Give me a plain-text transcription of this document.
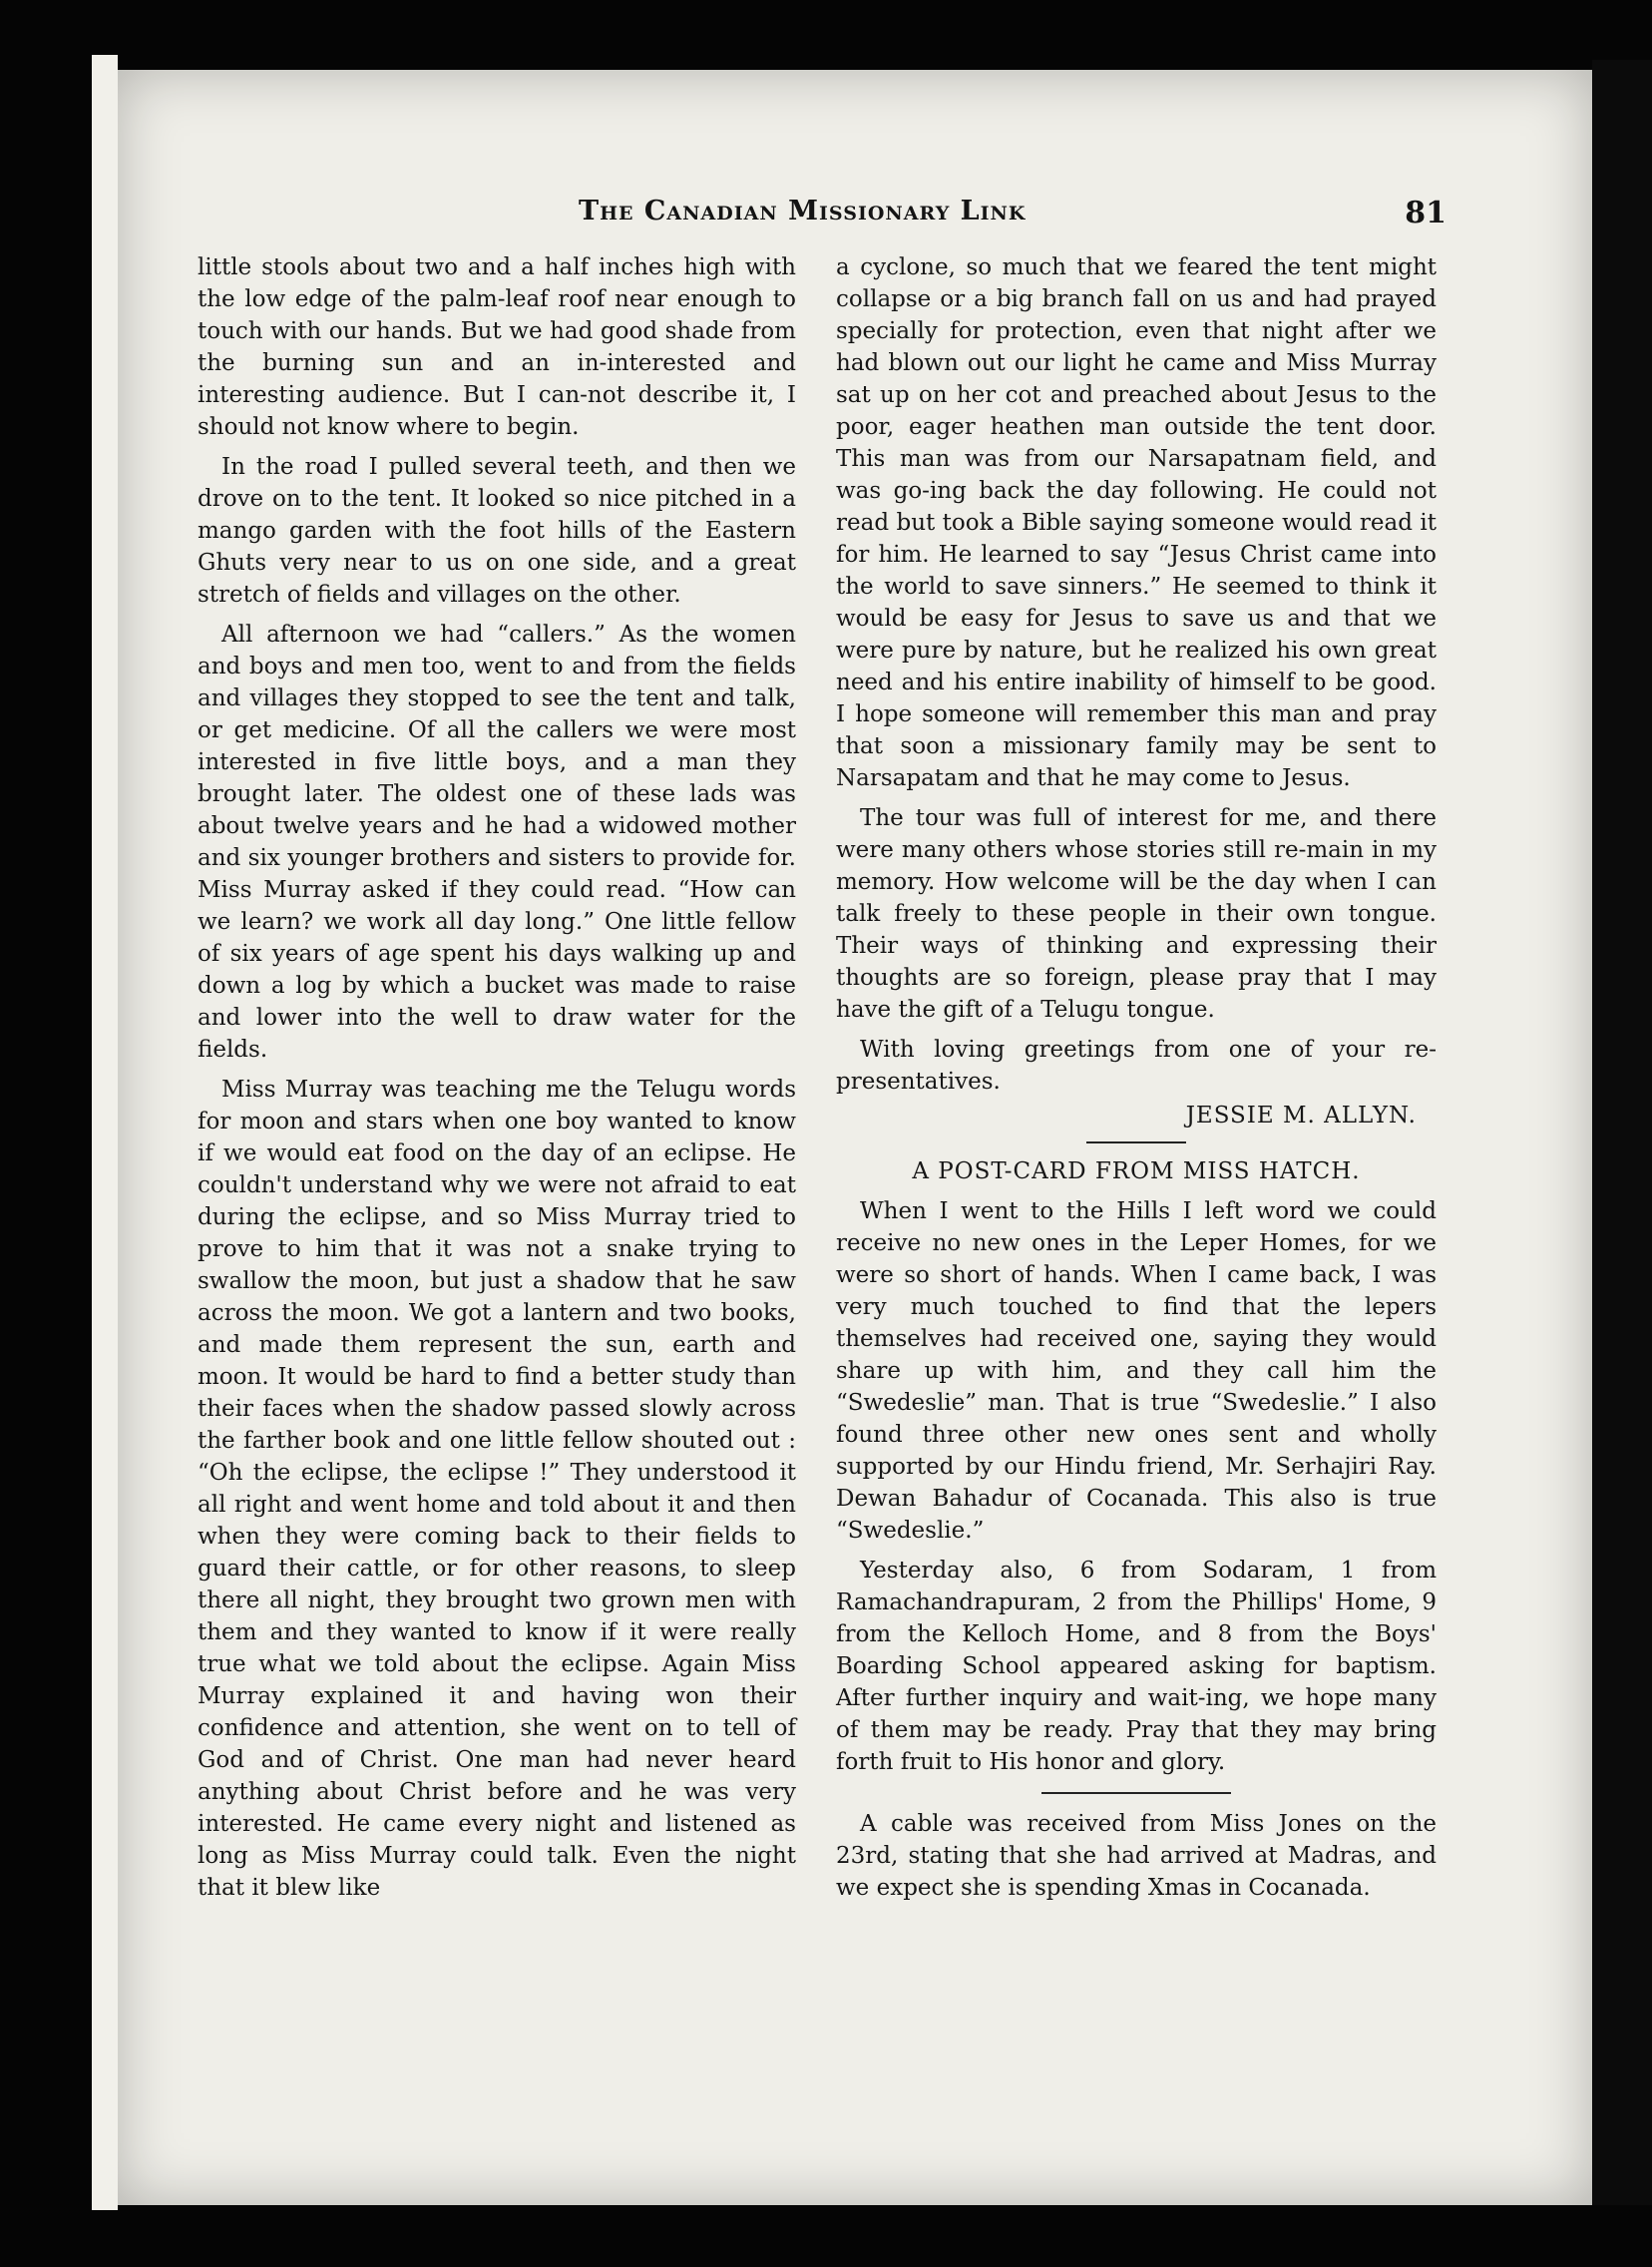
The Canadian Missionary Link	81

little stools about two and a half inches high with the low edge of the palm-leaf roof near enough to touch with our hands. But we had good shade from the burning sun and an in-interested and interesting audience. But I can-not describe it, I should not know where to begin.

In the road I pulled several teeth, and then we drove on to the tent. It looked so nice pitched in a mango garden with the foot hills of the Eastern Ghuts very near to us on one side, and a great stretch of fields and villages on the other.

All afternoon we had “callers.” As the women and boys and men too, went to and from the fields and villages they stopped to see the tent and talk, or get medicine. Of all the callers we were most interested in five little boys, and a man they brought later. The oldest one of these lads was about twelve years and he had a widowed mother and six younger brothers and sisters to provide for. Miss Murray asked if they could read. “How can we learn? we work all day long.” One little fellow of six years of age spent his days walking up and down a log by which a bucket was made to raise and lower into the well to draw water for the fields.

Miss Murray was teaching me the Telugu words for moon and stars when one boy wanted to know if we would eat food on the day of an eclipse. He couldn't understand why we were not afraid to eat during the eclipse, and so Miss Murray tried to prove to him that it was not a snake trying to swallow the moon, but just a shadow that he saw across the moon. We got a lantern and two books, and made them represent the sun, earth and moon. It would be hard to find a better study than their faces when the shadow passed slowly across the farther book and one little fellow shouted out : “Oh the eclipse, the eclipse !” They understood it all right and went home and told about it and then when they were coming back to their fields to guard their cattle, or for other reasons, to sleep there all night, they brought two grown men with them and they wanted to know if it were really true what we told about the eclipse. Again Miss Murray explained it and having won their confidence and attention, she went on to tell of God and of Christ. One man had never heard anything about Christ before and he was very interested. He came every night and listened as long as Miss Murray could talk. Even the night that it blew like

a cyclone, so much that we feared the tent might collapse or a big branch fall on us and had prayed specially for protection, even that night after we had blown out our light he came and Miss Murray sat up on her cot and preached about Jesus to the poor, eager heathen man outside the tent door. This man was from our Narsapatnam field, and was go-ing back the day following. He could not read but took a Bible saying someone would read it for him. He learned to say “Jesus Christ came into the world to save sinners.” He seemed to think it would be easy for Jesus to save us and that we were pure by nature, but he realized his own great need and his entire inability of himself to be good. I hope someone will remember this man and pray that soon a missionary family may be sent to Narsapatam and that he may come to Jesus.

The tour was full of interest for me, and there were many others whose stories still re-main in my memory. How welcome will be the day when I can talk freely to these people in their own tongue. Their ways of thinking and expressing their thoughts are so foreign, please pray that I may have the gift of a Telugu tongue.

With loving greetings from one of your re-presentatives.

JESSIE M. ALLYN.
A POST-CARD FROM MISS HATCH.

When I went to the Hills I left word we could receive no new ones in the Leper Homes, for we were so short of hands. When I came back, I was very much touched to find that the lepers themselves had received one, saying they would share up with him, and they call him the “Swedeslie” man. That is true “Swedeslie.” I also found three other new ones sent and wholly supported by our Hindu friend, Mr. Serhajiri Ray. Dewan Bahadur of Cocanada. This also is true “Swedeslie.”

Yesterday also, 6 from Sodaram, 1 from Ramachandrapuram, 2 from the Phillips' Home, 9 from the Kelloch Home, and 8 from the Boys' Boarding School appeared asking for baptism. After further inquiry and wait-ing, we hope many of them may be ready. Pray that they may bring forth fruit to His honor and glory.

A cable was received from Miss Jones on the 23rd, stating that she had arrived at Madras, and we expect she is spending Xmas in Cocanada.
